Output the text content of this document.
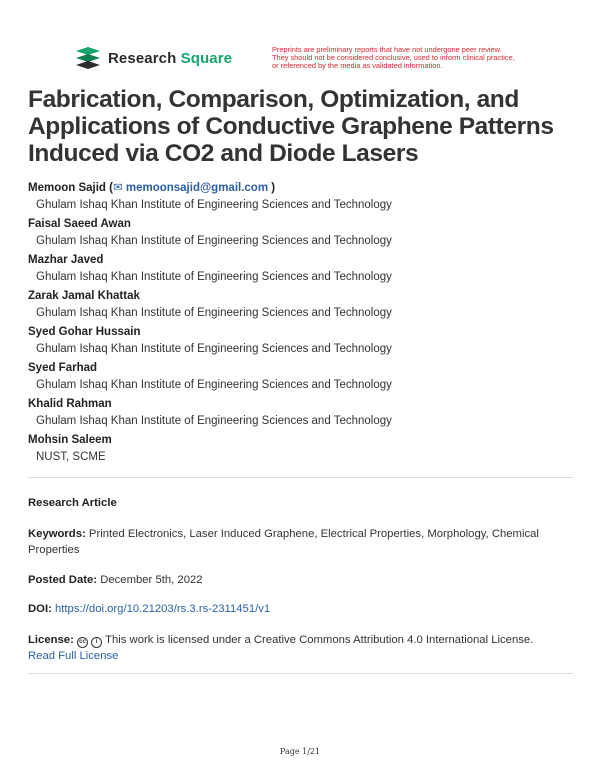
Research Square	Preprints are preliminary reports that have not undergone peer review.
They should not be considered conclusive, used to inform clinical practice,
or referenced by the media as validated information.
Fabrication, Comparison, Optimization, and Applications of Conductive Graphene Patterns Induced via CO2 and Diode Lasers
Memoon Sajid (✉ memoonsajid@gmail.com )
Ghulam Ishaq Khan Institute of Engineering Sciences and Technology
Faisal Saeed Awan
Ghulam Ishaq Khan Institute of Engineering Sciences and Technology
Mazhar Javed
Ghulam Ishaq Khan Institute of Engineering Sciences and Technology
Zarak Jamal Khattak
Ghulam Ishaq Khan Institute of Engineering Sciences and Technology
Syed Gohar Hussain
Ghulam Ishaq Khan Institute of Engineering Sciences and Technology
Syed Farhad
Ghulam Ishaq Khan Institute of Engineering Sciences and Technology
Khalid Rahman
Ghulam Ishaq Khan Institute of Engineering Sciences and Technology
Mohsin Saleem
NUST, SCME
Research Article
Keywords: Printed Electronics, Laser Induced Graphene, Electrical Properties, Morphology, Chemical Properties
Posted Date: December 5th, 2022
DOI: https://doi.org/10.21203/rs.3.rs-2311451/v1
License: cc i This work is licensed under a Creative Commons Attribution 4.0 International License.
Read Full License
Page 1/21
